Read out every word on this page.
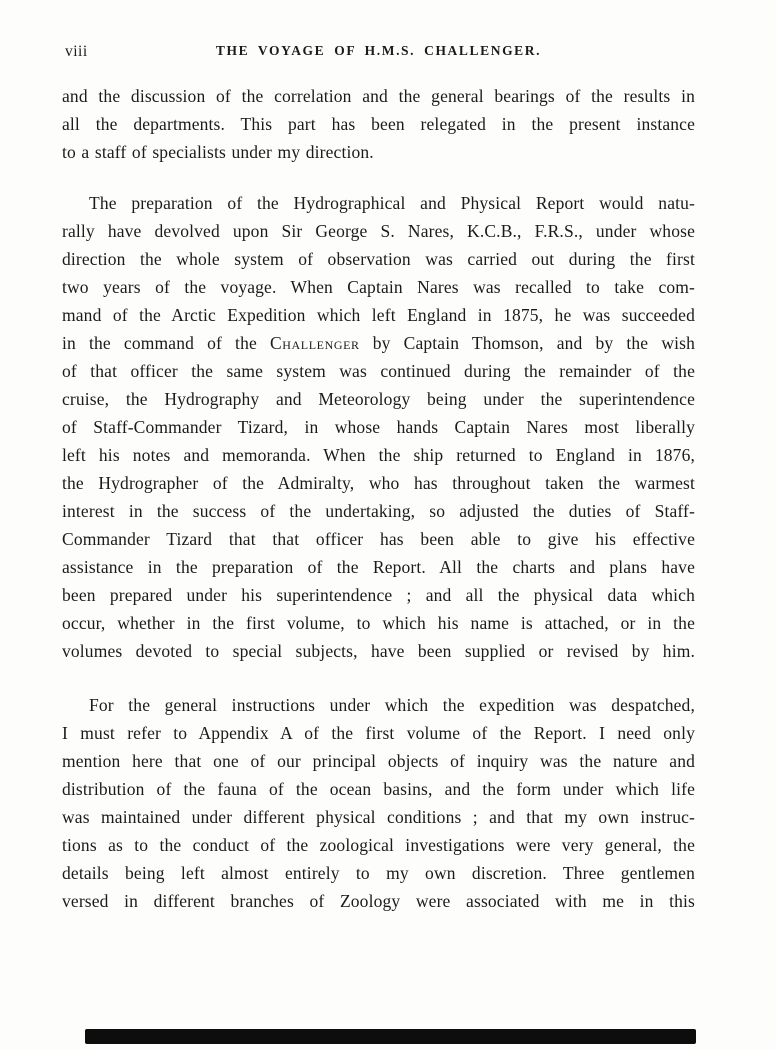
viii	THE VOYAGE OF H.M.S. CHALLENGER.

and the discussion of the correlation and the general bearings of the results in
all the departments. This part has been relegated in the present instance
to a staff of specialists under my direction.

The preparation of the Hydrographical and Physical Report would natu-
rally have devolved upon Sir George S. Nares, K.C.B., F.R.S., under whose
direction the whole system of observation was carried out during the first
two years of the voyage. When Captain Nares was recalled to take com-
mand of the Arctic Expedition which left England in 1875, he was succeeded
in the command of the Challenger by Captain Thomson, and by the wish
of that officer the same system was continued during the remainder of the
cruise, the Hydrography and Meteorology being under the superintendence
of Staff-Commander Tizard, in whose hands Captain Nares most liberally
left his notes and memoranda. When the ship returned to England in 1876,
the Hydrographer of the Admiralty, who has throughout taken the warmest
interest in the success of the undertaking, so adjusted the duties of Staff-
Commander Tizard that that officer has been able to give his effective
assistance in the preparation of the Report. All the charts and plans have
been prepared under his superintendence ; and all the physical data which
occur, whether in the first volume, to which his name is attached, or in the
volumes devoted to special subjects, have been supplied or revised by him.

For the general instructions under which the expedition was despatched,
I must refer to Appendix A of the first volume of the Report. I need only
mention here that one of our principal objects of inquiry was the nature and
distribution of the fauna of the ocean basins, and the form under which life
was maintained under different physical conditions ; and that my own instruc-
tions as to the conduct of the zoological investigations were very general, the
details being left almost entirely to my own discretion. Three gentlemen
versed in different branches of Zoology were associated with me in this
